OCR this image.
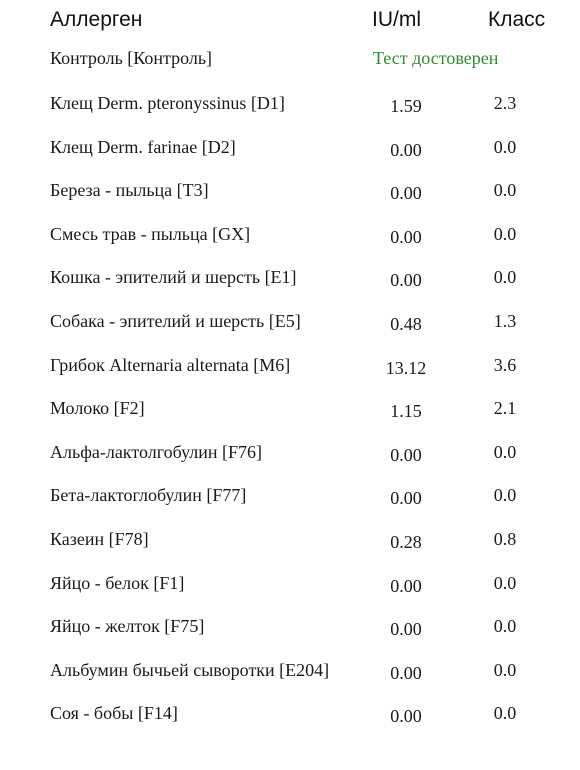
Аллерген	IU/ml	Класс
Контроль [Контроль]	Тест достоверен
Клещ Derm. pteronyssinus [D1]	1.59	2.3
Клещ Derm. farinae [D2]	0.00	0.0
Береза - пыльца [T3]	0.00	0.0
Смесь трав - пыльца [GX]	0.00	0.0
Кошка - эпителий и шерсть [E1]	0.00	0.0
Собака - эпителий и шерсть [E5]	0.48	1.3
Грибок Alternaria alternata [M6]	13.12	3.6
Молоко [F2]	1.15	2.1
Альфа-лактолгобулин [F76]	0.00	0.0
Бета-лактоглобулин [F77]	0.00	0.0
Казеин [F78]	0.28	0.8
Яйцо - белок [F1]	0.00	0.0
Яйцо - желток [F75]	0.00	0.0
Альбумин бычьей сыворотки [E204]	0.00	0.0
Соя - бобы [F14]	0.00	0.0
